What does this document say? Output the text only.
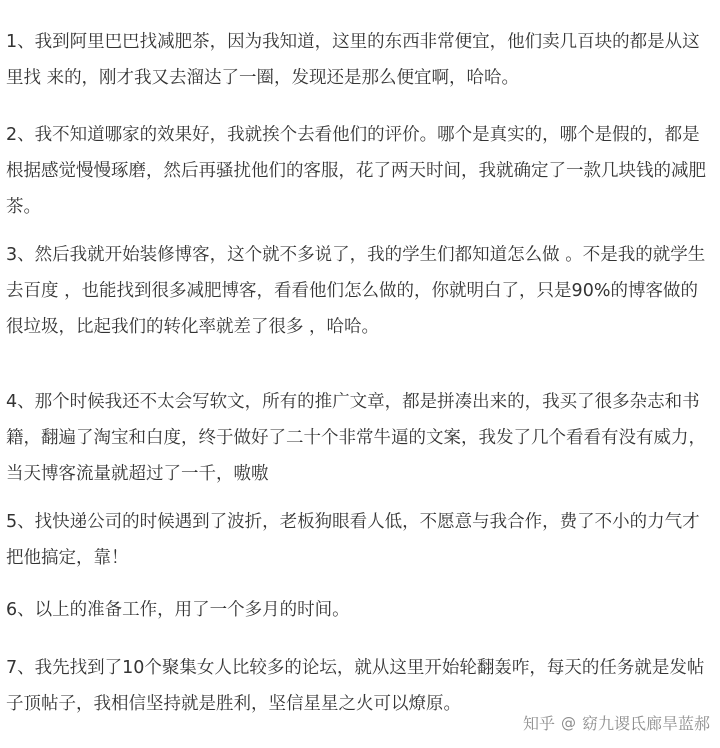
1、我到阿里巴巴找减肥茶，因为我知道，这里的东西非常便宜，他们卖几百块的都是从这里找 来的，刚才我又去溜达了一圈，发现还是那么便宜啊，哈哈。

2、我不知道哪家的效果好，我就挨个去看他们的评价。哪个是真实的，哪个是假的，都是根据感觉慢慢琢磨，然后再骚扰他们的客服，花了两天时间，我就确定了一款几块钱的减肥茶。

3、然后我就开始装修博客，这个就不多说了，我的学生们都知道怎么做 。不是我的就学生去百度 ，也能找到很多减肥博客，看看他们怎么做的，你就明白了，只是90%的博客做的很垃圾，比起我们的转化率就差了很多 ，哈哈。

4、那个时候我还不太会写软文，所有的推广文章，都是拼凑出来的，我买了很多杂志和书籍，翻遍了淘宝和白度，终于做好了二十个非常牛逼的文案，我发了几个看看有没有威力，当天博客流量就超过了一千，嗷嗷

5、找快递公司的时候遇到了波折，老板狗眼看人低，不愿意与我合作，费了不小的力气才把他搞定，靠！

6、以上的准备工作，用了一个多月的时间。

7、我先找到了10个聚集女人比较多的论坛，就从这里开始轮翻轰咋，每天的任务就是发帖子顶帖子，我相信坚持就是胜利，坚信星星之火可以燎原。

知乎 @ 窈九谡氐廊旱蓝郝
